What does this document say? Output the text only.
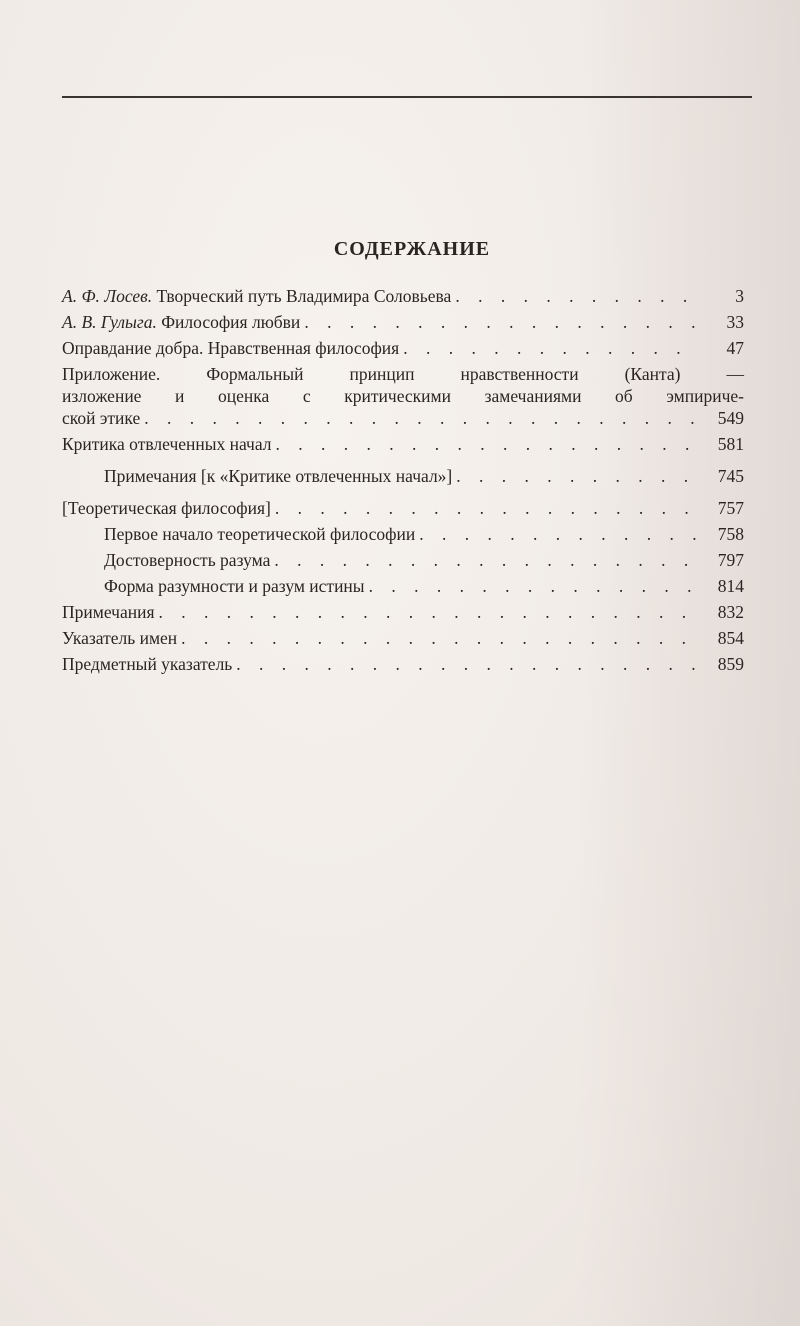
СОДЕРЖАНИЕ
А. Ф. Лосев. Творческий путь Владимира Соловьева . . .	3
А. В. Гулыга. Философия любви . . .	33
Оправдание добра. Нравственная философия . . .	47
Приложение. Формальный принцип нравственности (Канта) —
изложение и оценка с критическими замечаниями об эмпириче-
ской этике . . .	549
Критика отвлеченных начал . . .	581
Примечания [к «Критике отвлеченных начал»] . . .	745
[Теоретическая философия] . . .	757
Первое начало теоретической философии . . .	758
Достоверность разума . . .	797
Форма разумности и разум истины . . .	814
Примечания . . .	832
Указатель имен . . .	854
Предметный указатель . . .	859
